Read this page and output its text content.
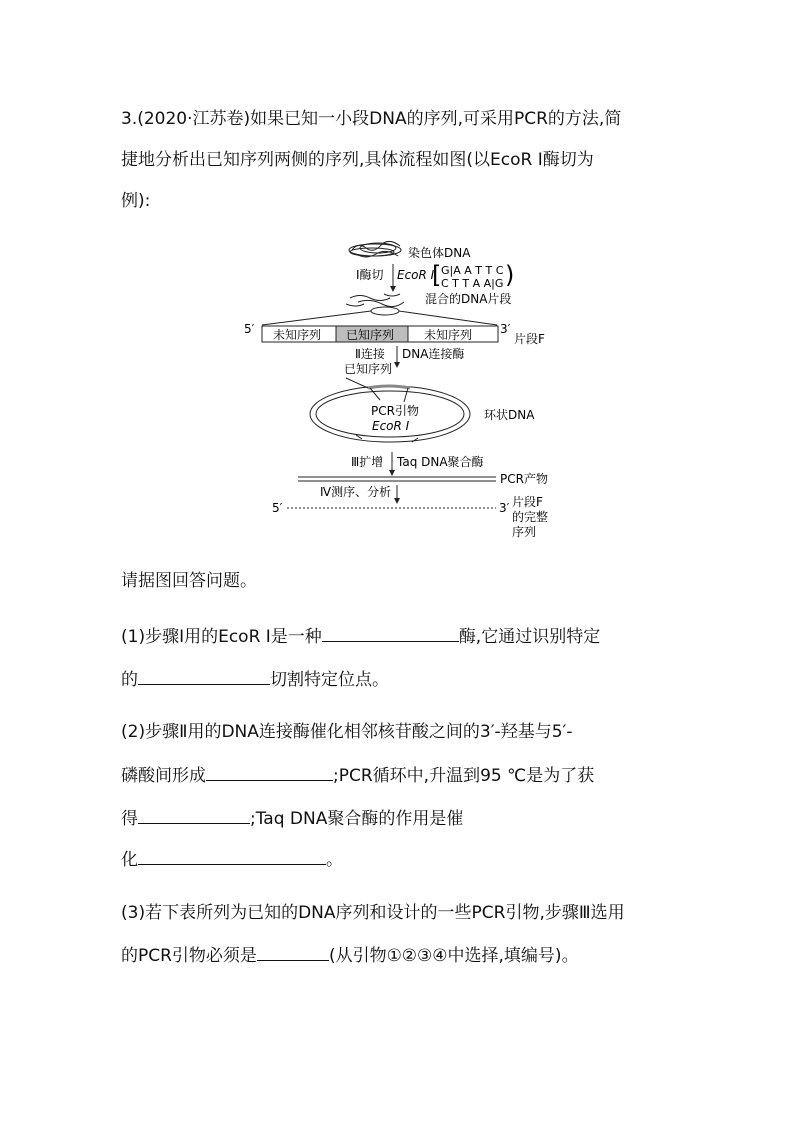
3.(2020·江苏卷)如果已知一小段DNA的序列,可采用PCR的方法,简
捷地分析出已知序列两侧的序列,具体流程如图(以EcoR Ⅰ酶切为
例):
染色体DNA
Ⅰ酶切 EcoR Ⅰ
[ G|A A T T C
C T T A A|G )
混合的DNA片段
5′ 未知序列 已知序列 未知序列 3′
片段F
Ⅱ连接 DNA连接酶
已知序列
PCR引物
EcoR Ⅰ
环状DNA
Ⅲ扩增 Taq DNA聚合酶
PCR产物
Ⅳ测序、分析
5′	3′ 片段F
的完整
序列
请据图回答问题。
(1)步骤Ⅰ用的EcoR Ⅰ是一种	酶,它通过识别特定
的	切割特定位点。
(2)步骤Ⅱ用的DNA连接酶催化相邻核苷酸之间的3′-羟基与5′-
磷酸间形成	;PCR循环中,升温到95 ℃是为了获
得	;Taq DNA聚合酶的作用是催
化	。
(3)若下表所列为已知的DNA序列和设计的一些PCR引物,步骤Ⅲ选用
的PCR引物必须是	(从引物①②③④中选择,填编号)。
